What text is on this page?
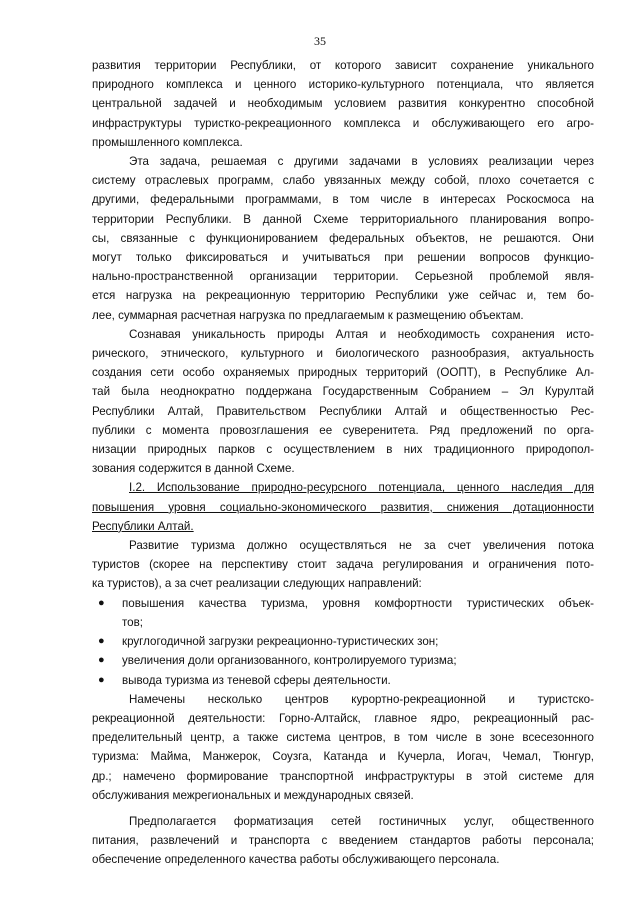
35
развития территории Республики, от которого зависит сохранение уникального
природного комплекса и ценного историко-культурного потенциала, что является
центральной задачей и необходимым условием развития конкурентно способной
инфраструктуры туристко-рекреационного комплекса и обслуживающего его агро-
промышленного комплекса.
Эта задача, решаемая с другими задачами в условиях реализации через
систему отраслевых программ, слабо увязанных между собой, плохо сочетается с
другими, федеральными программами, в том числе в интересах Роскосмоса на
территории Республики. В данной Схеме территориального планирования вопро-
сы, связанные с функционированием федеральных объектов, не решаются. Они
могут только фиксироваться и учитываться при решении вопросов функцио-
нально-пространственной организации территории. Серьезной проблемой явля-
ется нагрузка на рекреационную территорию Республики уже сейчас и, тем бо-
лее, суммарная расчетная нагрузка по предлагаемым к размещению объектам.
Сознавая уникальность природы Алтая и необходимость сохранения исто-
рического, этнического, культурного и биологического разнообразия, актуальность
создания сети особо охраняемых природных территорий (ООПТ), в Республике Ал-
тай была неоднократно поддержана Государственным Собранием – Эл Курултай
Республики Алтай, Правительством Республики Алтай и общественностью Рес-
публики с момента провозглашения ее суверенитета. Ряд предложений по орга-
низации природных парков с осуществлением в них традиционного природопол-
зования содержится в данной Схеме.
I.2. Использование природно-ресурсного потенциала, ценного наследия для
повышения уровня социально-экономического развития, снижения дотационности
Республики Алтай.
Развитие туризма должно осуществляться не за счет увеличения потока
туристов (скорее на перспективу стоит задача регулирования и ограничения пото-
ка туристов), а за счет реализации следующих направлений:
● повышения качества туризма, уровня комфортности туристических объек-
тов;
● круглогодичной загрузки рекреационно-туристических зон;
● увеличения доли организованного, контролируемого туризма;
● вывода туризма из теневой сферы деятельности.
Намечены несколько центров курортно-рекреационной и туристско-
рекреационной деятельности: Горно-Алтайск, главное ядро, рекреационный рас-
пределительный центр, а также система центров, в том числе в зоне всесезонного
туризма: Майма, Манжерок, Соузга, Катанда и Кучерла, Иогач, Чемал, Тюнгур,
др.; намечено формирование транспортной инфраструктуры в этой системе для
обслуживания межрегиональных и международных связей.
Предполагается форматизация сетей гостиничных услуг, общественного
питания, развлечений и транспорта с введением стандартов работы персонала;
обеспечение определенного качества работы обслуживающего персонала.
